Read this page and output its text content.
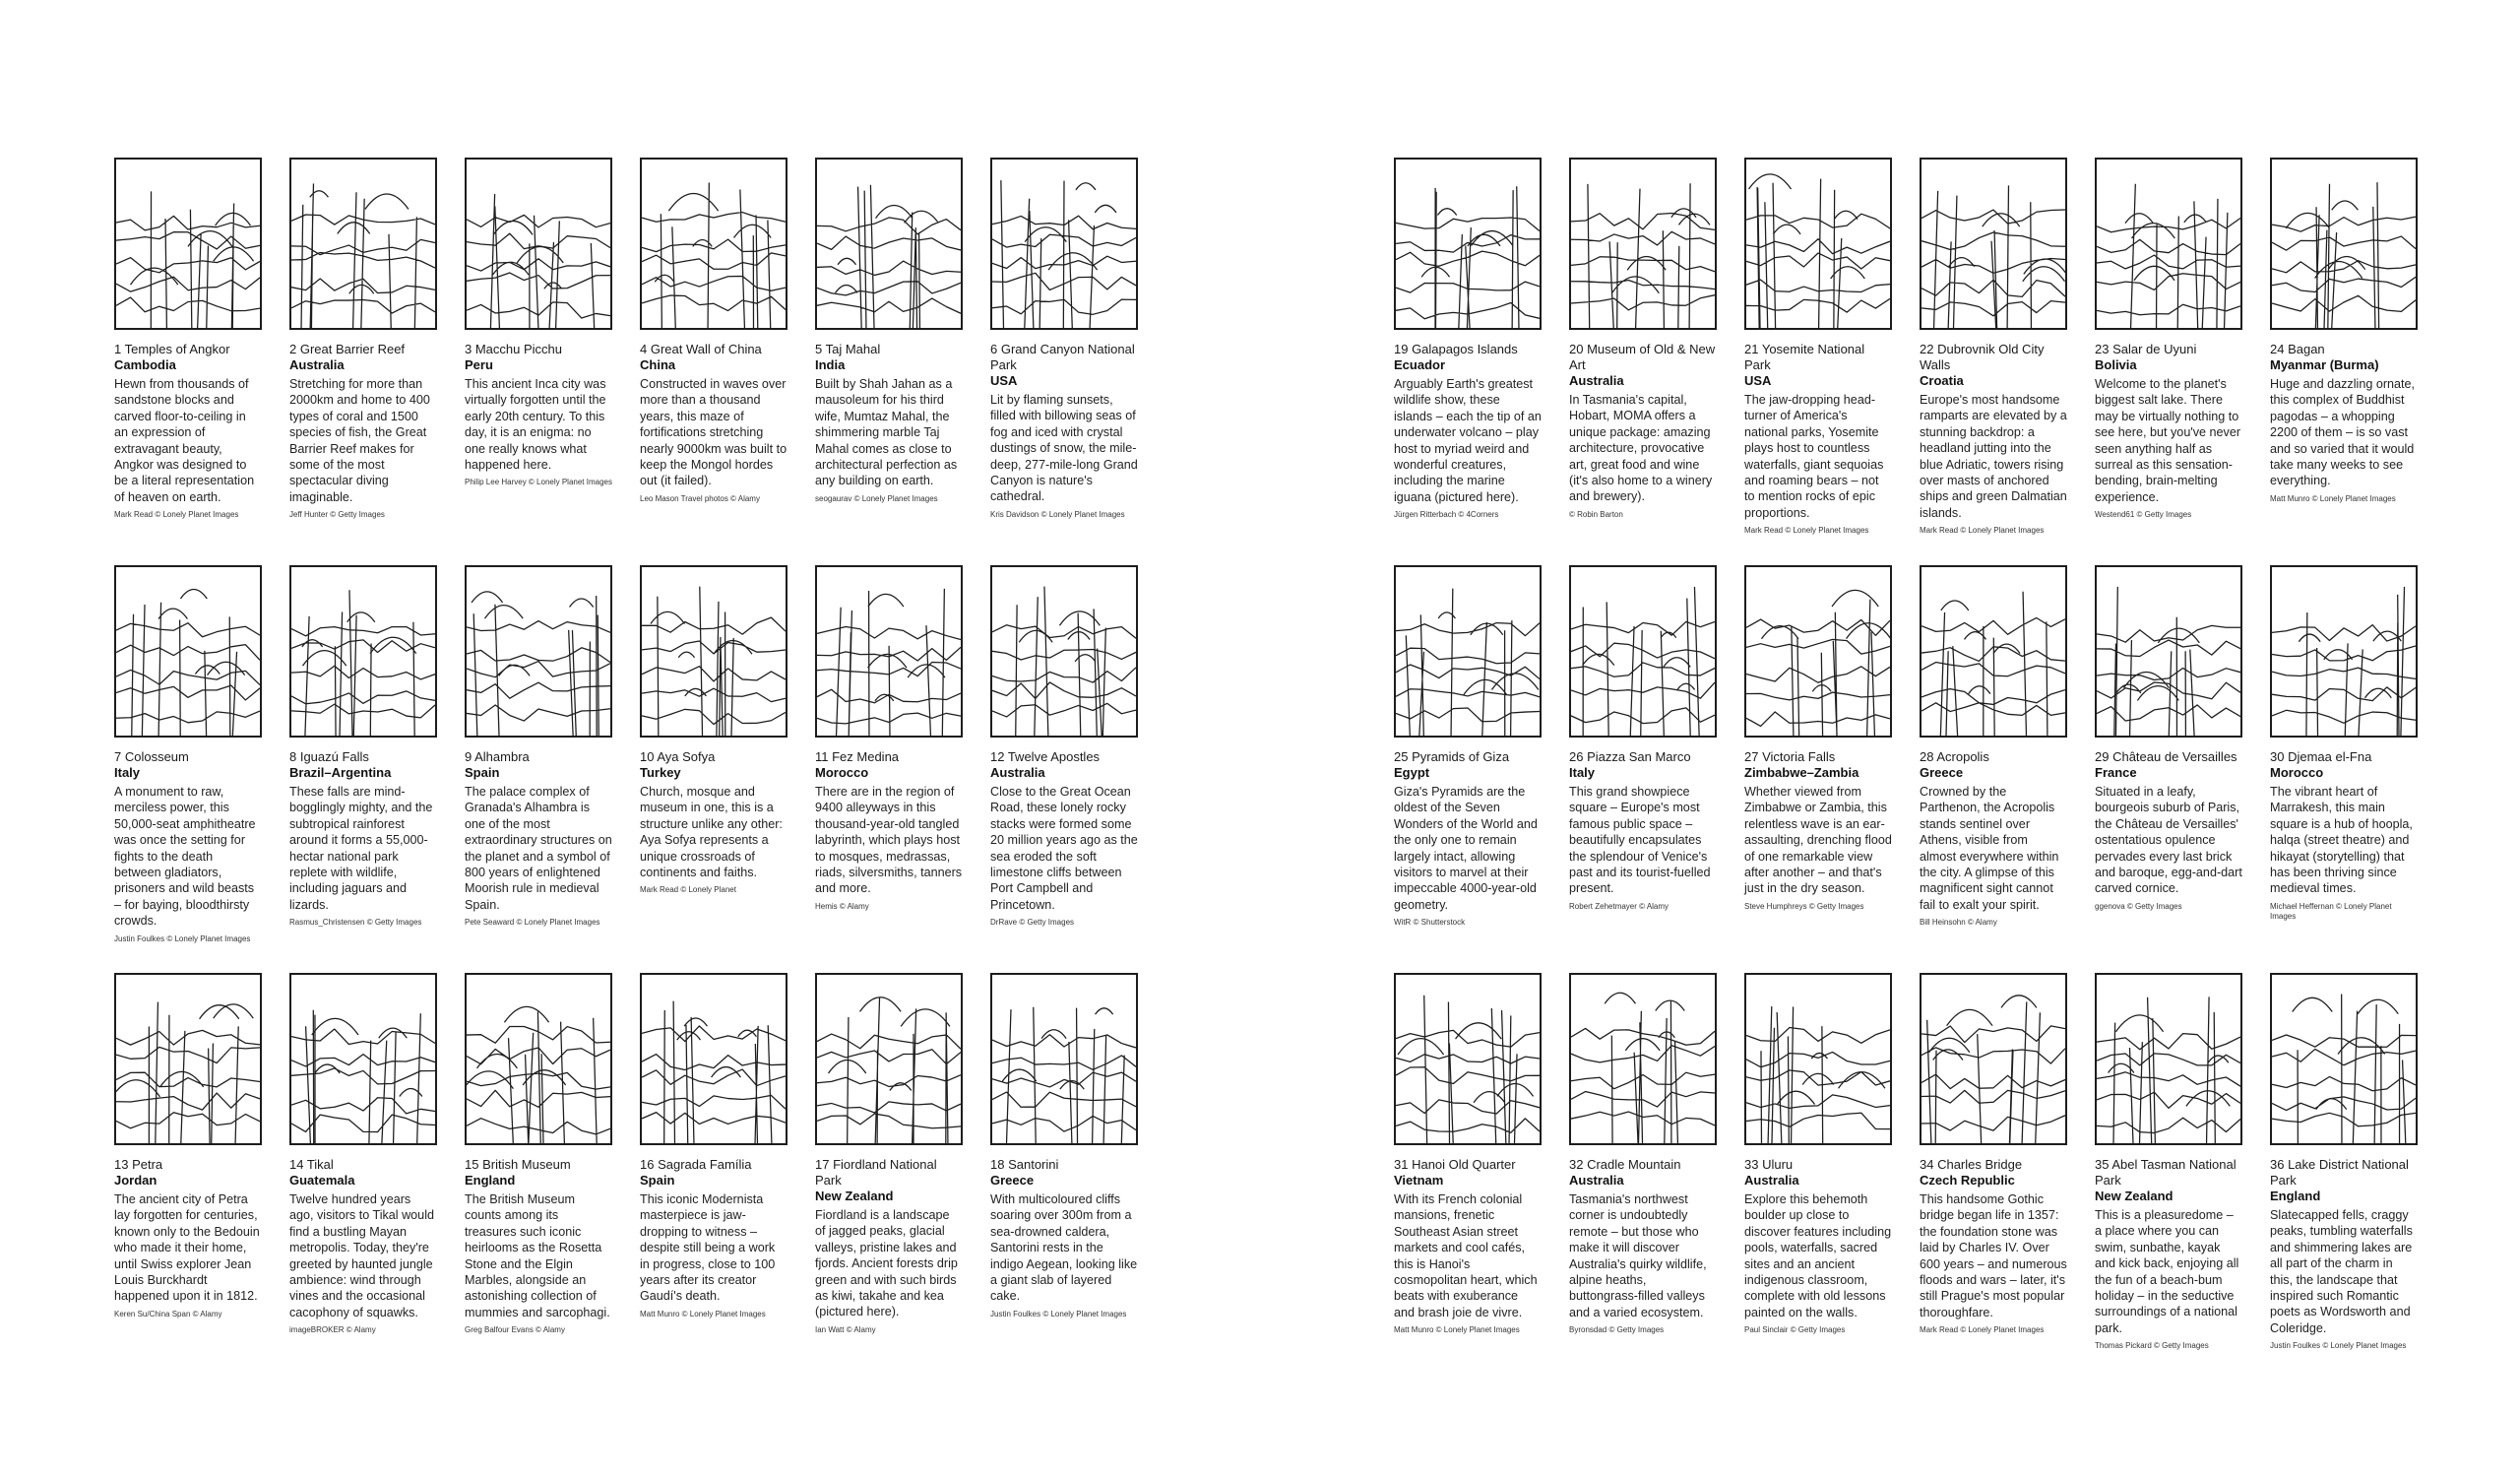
1 Temples of Angkor
Cambodia
Hewn from thousands of sandstone blocks and carved floor-to-ceiling in an expression of extravagant beauty, Angkor was designed to be a literal representation of heaven on earth.
Mark Read © Lonely Planet Images
2 Great Barrier Reef
Australia
Stretching for more than 2000km and home to 400 types of coral and 1500 species of fish, the Great Barrier Reef makes for some of the most spectacular diving imaginable.
Jeff Hunter © Getty Images
3 Macchu Picchu
Peru
This ancient Inca city was virtually forgotten until the early 20th century. To this day, it is an enigma: no one really knows what happened here.
Philip Lee Harvey © Lonely Planet Images
4 Great Wall of China
China
Constructed in waves over more than a thousand years, this maze of fortifications stretching nearly 9000km was built to keep the Mongol hordes out (it failed).
Leo Mason Travel photos © Alamy
5 Taj Mahal
India
Built by Shah Jahan as a mausoleum for his third wife, Mumtaz Mahal, the shimmering marble Taj Mahal comes as close to architectural perfection as any building on earth.
seogaurav © Lonely Planet Images
6 Grand Canyon National Park
USA
Lit by flaming sunsets, filled with billowing seas of fog and iced with crystal dustings of snow, the mile-deep, 277-mile-long Grand Canyon is nature's cathedral.
Kris Davidson © Lonely Planet Images
7 Colosseum
Italy
A monument to raw, merciless power, this 50,000-seat amphitheatre was once the setting for fights to the death between gladiators, prisoners and wild beasts – for baying, bloodthirsty crowds.
Justin Foulkes © Lonely Planet Images
8 Iguazú Falls
Brazil–Argentina
These falls are mind-bogglingly mighty, and the subtropical rainforest around it forms a 55,000-hectar national park replete with wildlife, including jaguars and lizards.
Rasmus_Christensen © Getty Images
9 Alhambra
Spain
The palace complex of Granada's Alhambra is one of the most extraordinary structures on the planet and a symbol of 800 years of enlightened Moorish rule in medieval Spain.
Pete Seaward © Lonely Planet Images
10 Aya Sofya
Turkey
Church, mosque and museum in one, this is a structure unlike any other: Aya Sofya represents a unique crossroads of continents and faiths.
Mark Read © Lonely Planet
11 Fez Medina
Morocco
There are in the region of 9400 alleyways in this thousand-year-old tangled labyrinth, which plays host to mosques, medrassas, riads, silversmiths, tanners and more.
Hemis © Alamy
12 Twelve Apostles
Australia
Close to the Great Ocean Road, these lonely rocky stacks were formed some 20 million years ago as the sea eroded the soft limestone cliffs between Port Campbell and Princetown.
DrRave © Getty Images
13 Petra
Jordan
The ancient city of Petra lay forgotten for centuries, known only to the Bedouin who made it their home, until Swiss explorer Jean Louis Burckhardt happened upon it in 1812.
Keren Su/China Span © Alamy
14 Tikal
Guatemala
Twelve hundred years ago, visitors to Tikal would find a bustling Mayan metropolis. Today, they're greeted by haunted jungle ambience: wind through vines and the occasional cacophony of squawks.
imageBROKER © Alamy
15 British Museum
England
The British Museum counts among its treasures such iconic heirlooms as the Rosetta Stone and the Elgin Marbles, alongside an astonishing collection of mummies and sarcophagi.
Greg Balfour Evans © Alamy
16 Sagrada Família
Spain
This iconic Modernista masterpiece is jaw-dropping to witness – despite still being a work in progress, close to 100 years after its creator Gaudí's death.
Matt Munro © Lonely Planet Images
17 Fiordland National Park
New Zealand
Fiordland is a landscape of jagged peaks, glacial valleys, pristine lakes and fjords. Ancient forests drip green and with such birds as kiwi, takahe and kea (pictured here).
Ian Watt © Alamy
18 Santorini
Greece
With multicoloured cliffs soaring over 300m from a sea-drowned caldera, Santorini rests in the indigo Aegean, looking like a giant slab of layered cake.
Justin Foulkes © Lonely Planet Images
19 Galapagos Islands
Ecuador
Arguably Earth's greatest wildlife show, these islands – each the tip of an underwater volcano – play host to myriad weird and wonderful creatures, including the marine iguana (pictured here).
Jürgen Ritterbach © 4Corners
20 Museum of Old & New Art
Australia
In Tasmania's capital, Hobart, MOMA offers a unique package: amazing architecture, provocative art, great food and wine (it's also home to a winery and brewery).
© Robin Barton
21 Yosemite National Park
USA
The jaw-dropping head-turner of America's national parks, Yosemite plays host to countless waterfalls, giant sequoias and roaming bears – not to mention rocks of epic proportions.
Mark Read © Lonely Planet Images
22 Dubrovnik Old City Walls
Croatia
Europe's most handsome ramparts are elevated by a stunning backdrop: a headland jutting into the blue Adriatic, towers rising over masts of anchored ships and green Dalmatian islands.
Mark Read © Lonely Planet Images
23 Salar de Uyuni
Bolivia
Welcome to the planet's biggest salt lake. There may be virtually nothing to see here, but you've never seen anything half as surreal as this sensation-bending, brain-melting experience.
Westend61 © Getty Images
24 Bagan
Myanmar (Burma)
Huge and dazzling ornate, this complex of Buddhist pagodas – a whopping 2200 of them – is so vast and so varied that it would take many weeks to see everything.
Matt Munro © Lonely Planet Images
25 Pyramids of Giza
Egypt
Giza's Pyramids are the oldest of the Seven Wonders of the World and the only one to remain largely intact, allowing visitors to marvel at their impeccable 4000-year-old geometry.
WitR © Shutterstock
26 Piazza San Marco
Italy
This grand showpiece square – Europe's most famous public space – beautifully encapsulates the splendour of Venice's past and its tourist-fuelled present.
Robert Zehetmayer © Alamy
27 Victoria Falls
Zimbabwe–Zambia
Whether viewed from Zimbabwe or Zambia, this relentless wave is an ear-assaulting, drenching flood of one remarkable view after another – and that's just in the dry season.
Steve Humphreys © Getty Images
28 Acropolis
Greece
Crowned by the Parthenon, the Acropolis stands sentinel over Athens, visible from almost everywhere within the city. A glimpse of this magnificent sight cannot fail to exalt your spirit.
Bill Heinsohn © Alamy
29 Château de Versailles
France
Situated in a leafy, bourgeois suburb of Paris, the Château de Versailles' ostentatious opulence pervades every last brick and baroque, egg-and-dart carved cornice.
ggenova © Getty Images
30 Djemaa el-Fna
Morocco
The vibrant heart of Marrakesh, this main square is a hub of hoopla, halqa (street theatre) and hikayat (storytelling) that has been thriving since medieval times.
Michael Heffernan © Lonely Planet Images
31 Hanoi Old Quarter
Vietnam
With its French colonial mansions, frenetic Southeast Asian street markets and cool cafés, this is Hanoi's cosmopolitan heart, which beats with exuberance and brash joie de vivre.
Matt Munro © Lonely Planet Images
32 Cradle Mountain
Australia
Tasmania's northwest corner is undoubtedly remote – but those who make it will discover Australia's quirky wildlife, alpine heaths, buttongrass-filled valleys and a varied ecosystem.
Byronsdad © Getty Images
33 Uluru
Australia
Explore this behemoth boulder up close to discover features including pools, waterfalls, sacred sites and an ancient indigenous classroom, complete with old lessons painted on the walls.
Paul Sinclair © Getty Images
34 Charles Bridge
Czech Republic
This handsome Gothic bridge began life in 1357: the foundation stone was laid by Charles IV. Over 600 years – and numerous floods and wars – later, it's still Prague's most popular thoroughfare.
Mark Read © Lonely Planet Images
35 Abel Tasman National Park
New Zealand
This is a pleasuredome – a place where you can swim, sunbathe, kayak and kick back, enjoying all the fun of a beach-bum holiday – in the seductive surroundings of a national park.
Thomas Pickard © Getty Images
36 Lake District National Park
England
Slatecapped fells, craggy peaks, tumbling waterfalls and shimmering lakes are all part of the charm in this, the landscape that inspired such Romantic poets as Wordsworth and Coleridge.
Justin Foulkes © Lonely Planet Images
